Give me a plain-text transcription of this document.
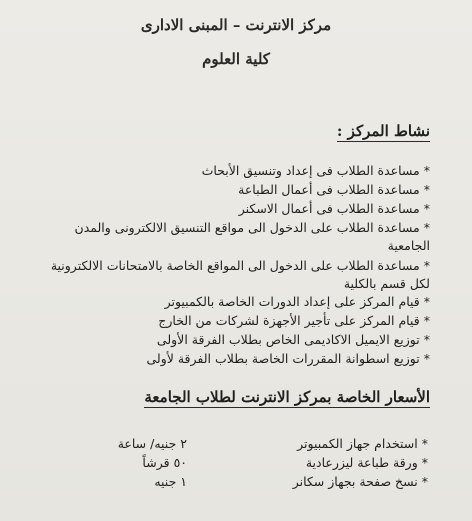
مركز الانترنت – المبنى الادارى
كلية العلوم
نشاط المركز :
*مساعدة الطلاب فى إعداد وتنسيق الأبحاث
*مساعدة الطلاب فى أعمال الطباعة
*مساعدة الطلاب فى أعمال الاسكنر
*مساعدة الطلاب على الدخول الى مواقع التنسيق الالكترونى والمدن الجامعية
*مساعدة الطلاب على الدخول الى المواقع الخاصة بالامتحانات الالكترونية لكل قسم بالكلية
*قيام المركز على إعداد الدورات الخاصة بالكمبيوتر
*قيام المركز على تأجير الأجهزة لشركات من الخارج
*توزيع الايميل الاكاديمى الخاص بطلاب الفرقة الأولى
*توزيع اسطوانة المقررات الخاصة بطلاب الفرقة لأولى
الأسعار الخاصة بمركز الانترنت لطلاب الجامعة
*استخدام جهاز الكمبيوتر
٢ جنيه/ ساعة
*ورقة طباعة ليزرعادية
٥٠ قرشاً
*نسخ صفحة بجهاز سكانر
١ جنيه
